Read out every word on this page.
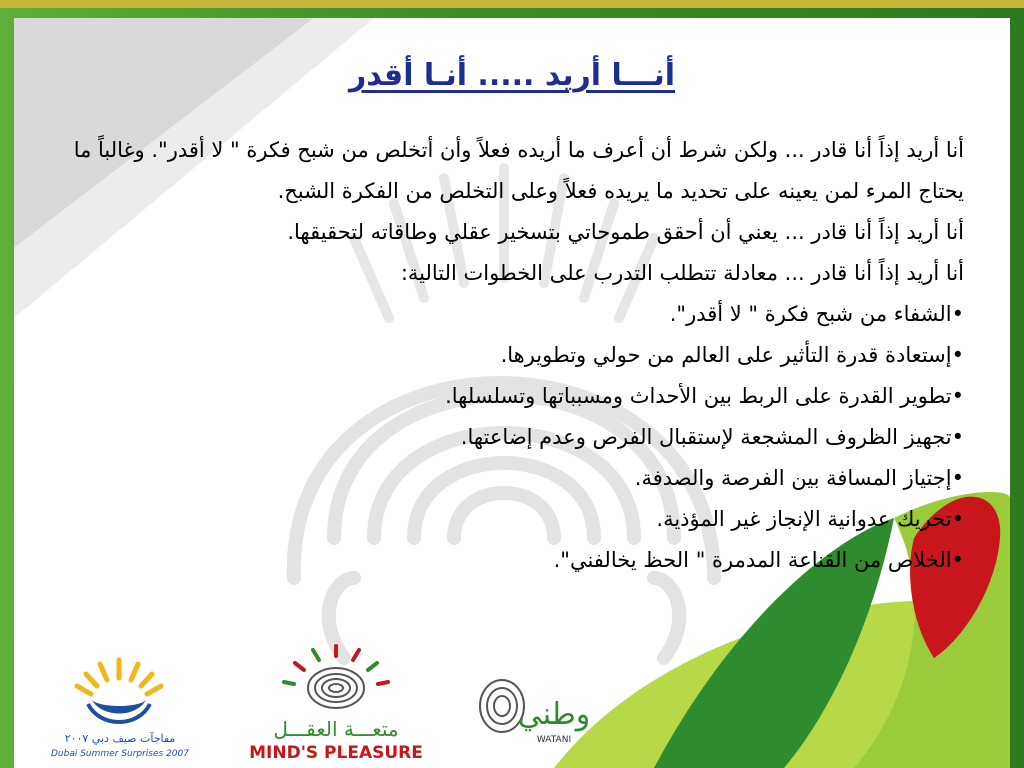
أنـــا أريد ..... أنـا أقدر

أنا أريد إذاً أنا قادر ... ولكن شرط أن أعرف ما أريده فعلاً وأن أتخلص من شبح فكرة " لا أقدر". وغالباً ما يحتاج المرء لمن يعينه على تحديد ما يريده فعلاً وعلى التخلص من الفكرة الشبح.

أنا أريد إذاً أنا قادر ... يعني أن أحقق طموحاتي بتسخير عقلي وطاقاته لتحقيقها.

أنا أريد إذاً أنا قادر ... معادلة تتطلب التدرب على الخطوات التالية:

•الشفاء من شبح فكرة " لا أقدر".

•إستعادة قدرة التأثير على العالم من حولي وتطويرها.

•تطوير القدرة على الربط بين الأحداث ومسبباتها وتسلسلها.

•تجهيز الظروف المشجعة لإستقبال الفرص وعدم إضاعتها.

•إجتياز المسافة بين الفرصة والصدفة.

•تحريك عدوانية الإنجاز غير المؤذية.

•الخلاص من القناعة المدمرة " الحظ يخالفني".

مفاجآت صيف دبي ٢٠٠٧
Dubai Summer Surprises 2007
متعـــة العقـــل
MIND'S PLEASURE
وطني
WATANI
